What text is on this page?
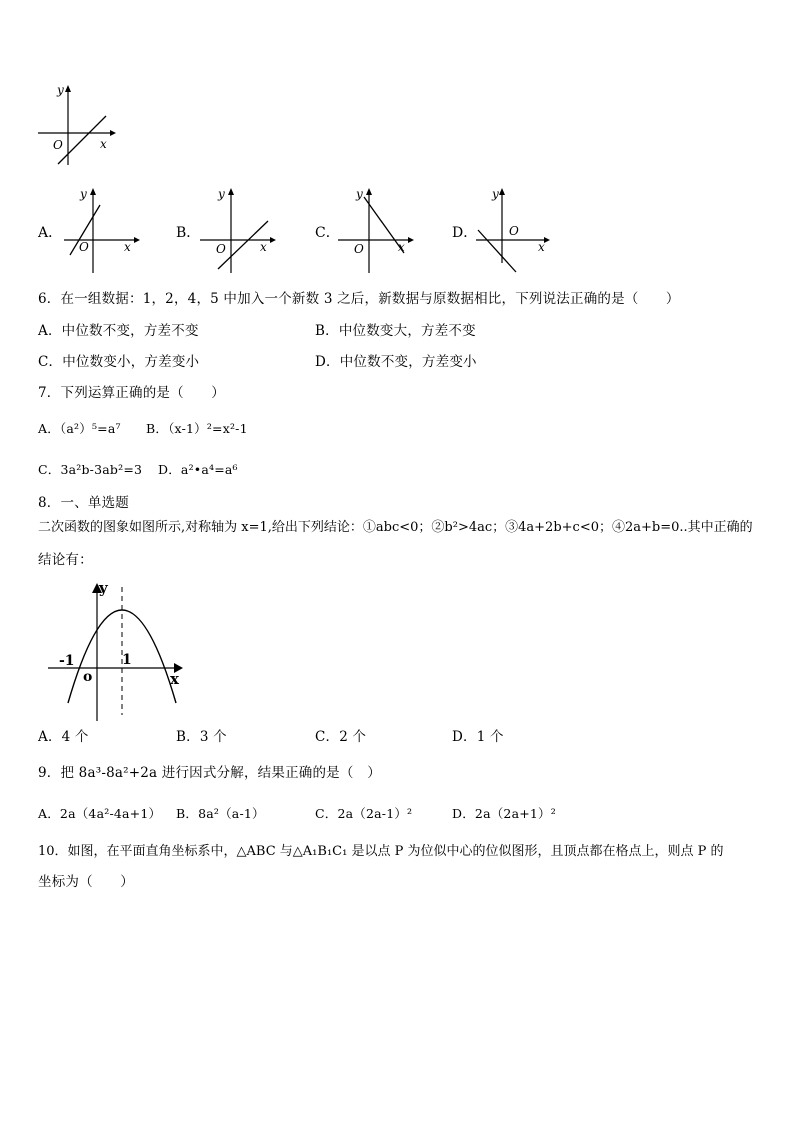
y
x
O
A．
y
x
O
B．
y
x
O
C．
y
x
O
D．
y
x
O
6．在一组数据：1，2，4，5 中加入一个新数 3 之后，新数据与原数据相比，下列说法正确的是（　　）
A．中位数不变，方差不变	B．中位数变大，方差不变
C．中位数变小，方差变小	D．中位数不变，方差变小
7．下列运算正确的是（　　）
A．（a²）⁵=a⁷ B．（x-1）²=x²-1
C．3a²b-3ab²=3 D．a²•a⁴=a⁶
8．一、单选题
二次函数的图象如图所示,对称轴为 x=1,给出下列结论：①abc<0；②b²>4ac；③4a+2b+c<0；④2a+b=0..其中正确的
结论有：
y
x
o
-1	1
A．4 个	B．3 个	C．2 个	D．1 个
9．把 8a³-8a²+2a 进行因式分解，结果正确的是（　）
A．2a（4a²-4a+1） B．8a²（a-1）	C．2a（2a-1）²	D．2a（2a+1）²
10．如图，在平面直角坐标系中，△ABC 与△A₁B₁C₁ 是以点 P 为位似中心的位似图形，且顶点都在格点上，则点 P 的
坐标为（　　）
